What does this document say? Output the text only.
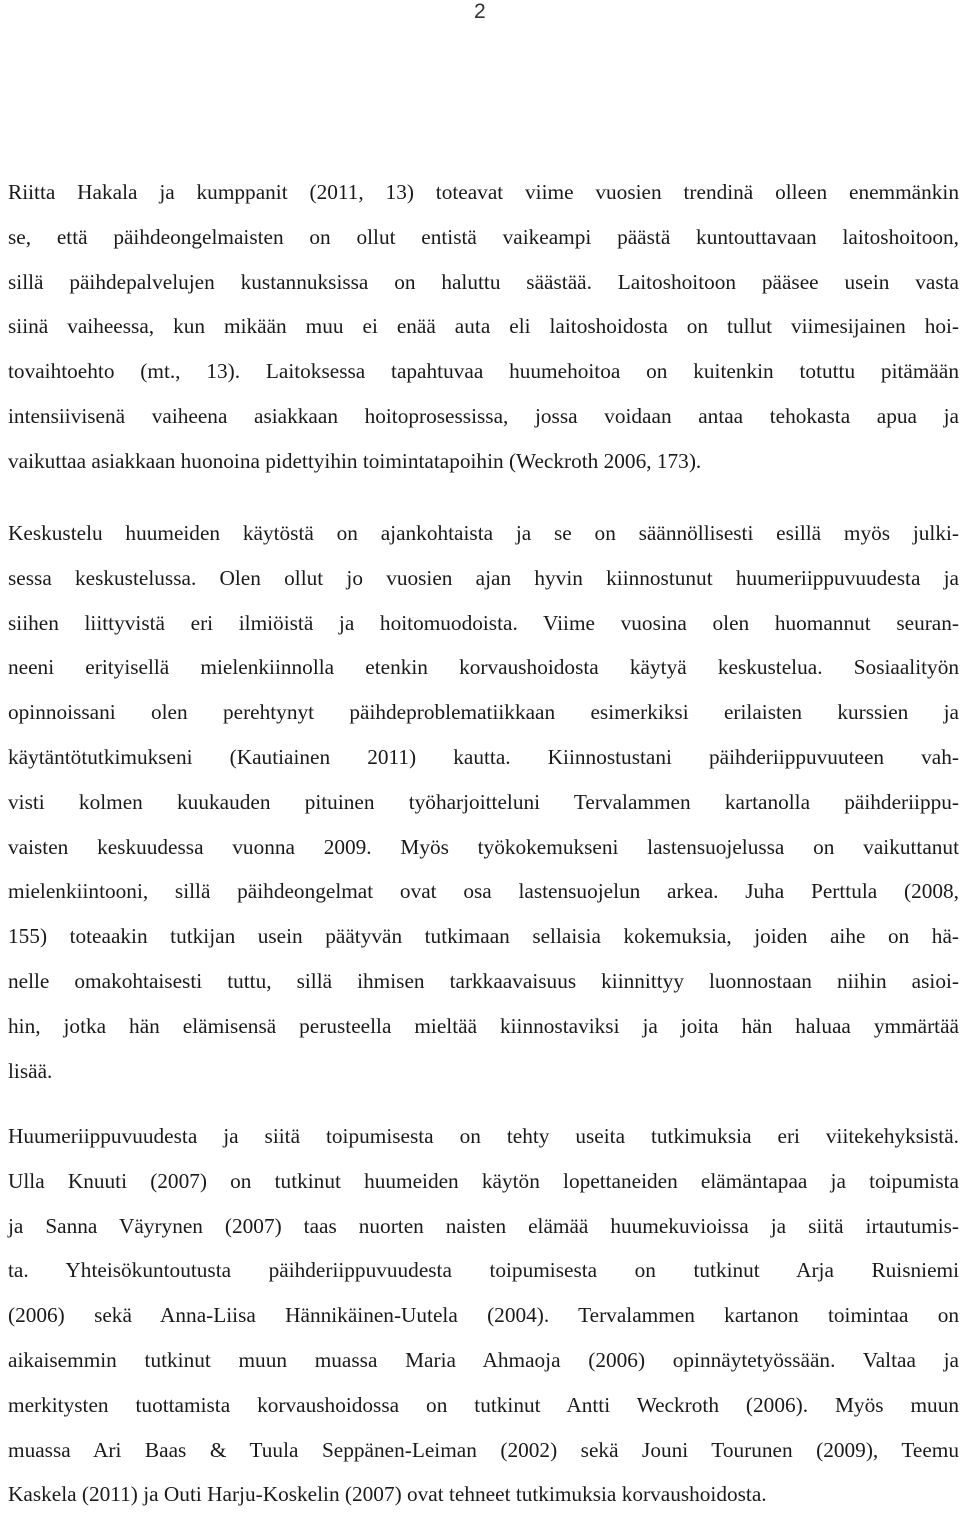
2
Riitta Hakala ja kumppanit (2011, 13) toteavat viime vuosien trendinä olleen enemmänkin
se, että päihdeongelmaisten on ollut entistä vaikeampi päästä kuntouttavaan laitoshoitoon,
sillä päihdepalvelujen kustannuksissa on haluttu säästää. Laitoshoitoon pääsee usein vasta
siinä vaiheessa, kun mikään muu ei enää auta eli laitoshoidosta on tullut viimesijainen hoi-
tovaihtoehto (mt., 13). Laitoksessa tapahtuvaa huumehoitoa on kuitenkin totuttu pitämään
intensiivisenä vaiheena asiakkaan hoitoprosessissa, jossa voidaan antaa tehokasta apua ja
vaikuttaa asiakkaan huonoina pidettyihin toimintatapoihin (Weckroth 2006, 173).
Keskustelu huumeiden käytöstä on ajankohtaista ja se on säännöllisesti esillä myös julki-
sessa keskustelussa. Olen ollut jo vuosien ajan hyvin kiinnostunut huumeriippuvuudesta ja
siihen liittyvistä eri ilmiöistä ja hoitomuodoista. Viime vuosina olen huomannut seuran-
neeni erityisellä mielenkiinnolla etenkin korvaushoidosta käytyä keskustelua. Sosiaalityön
opinnoissani olen perehtynyt päihdeproblematiikkaan esimerkiksi erilaisten kurssien ja
käytäntötutkimukseni (Kautiainen 2011) kautta. Kiinnostustani päihderiippuvuuteen vah-
visti kolmen kuukauden pituinen työharjoitteluni Tervalammen kartanolla päihderiippu-
vaisten keskuudessa vuonna 2009. Myös työkokemukseni lastensuojelussa on vaikuttanut
mielenkiintooni, sillä päihdeongelmat ovat osa lastensuojelun arkea. Juha Perttula (2008,
155) toteaakin tutkijan usein päätyvän tutkimaan sellaisia kokemuksia, joiden aihe on hä-
nelle omakohtaisesti tuttu, sillä ihmisen tarkkaavaisuus kiinnittyy luonnostaan niihin asioi-
hin, jotka hän elämisensä perusteella mieltää kiinnostaviksi ja joita hän haluaa ymmärtää
lisää.
Huumeriippuvuudesta ja siitä toipumisesta on tehty useita tutkimuksia eri viitekehyksistä.
Ulla Knuuti (2007) on tutkinut huumeiden käytön lopettaneiden elämäntapaa ja toipumista
ja Sanna Väyrynen (2007) taas nuorten naisten elämää huumekuvioissa ja siitä irtautumis-
ta. Yhteisökuntoutusta päihderiippuvuudesta toipumisesta on tutkinut Arja Ruisniemi
(2006) sekä Anna-Liisa Hännikäinen-Uutela (2004). Tervalammen kartanon toimintaa on
aikaisemmin tutkinut muun muassa Maria Ahmaoja (2006) opinnäytetyössään. Valtaa ja
merkitysten tuottamista korvaushoidossa on tutkinut Antti Weckroth (2006). Myös muun
muassa Ari Baas & Tuula Seppänen-Leiman (2002) sekä Jouni Tourunen (2009), Teemu
Kaskela (2011) ja Outi Harju-Koskelin (2007) ovat tehneet tutkimuksia korvaushoidosta.
